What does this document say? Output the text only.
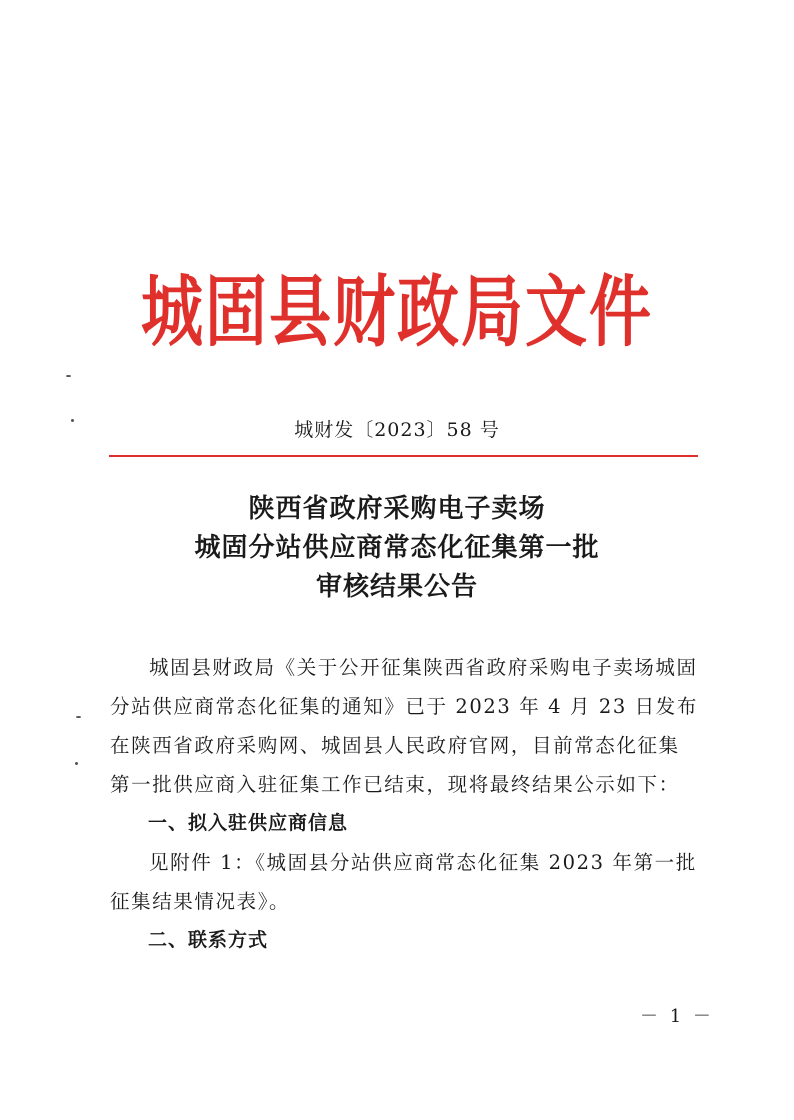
城固县财政局文件
城财发〔2023〕58 号
陕西省政府采购电子卖场
城固分站供应商常态化征集第一批
审核结果公告

城固县财政局《关于公开征集陕西省政府采购电子卖场城固分站供应商常态化征集的通知》已于 2023 年 4 月 23 日发布在陕西省政府采购网、城固县人民政府官网，目前常态化征集第一批供应商入驻征集工作已结束，现将最终结果公示如下：

一、拟入驻供应商信息

见附件 1：《城固县分站供应商常态化征集 2023 年第一批征集结果情况表》。

二、联系方式

－ 1 －
